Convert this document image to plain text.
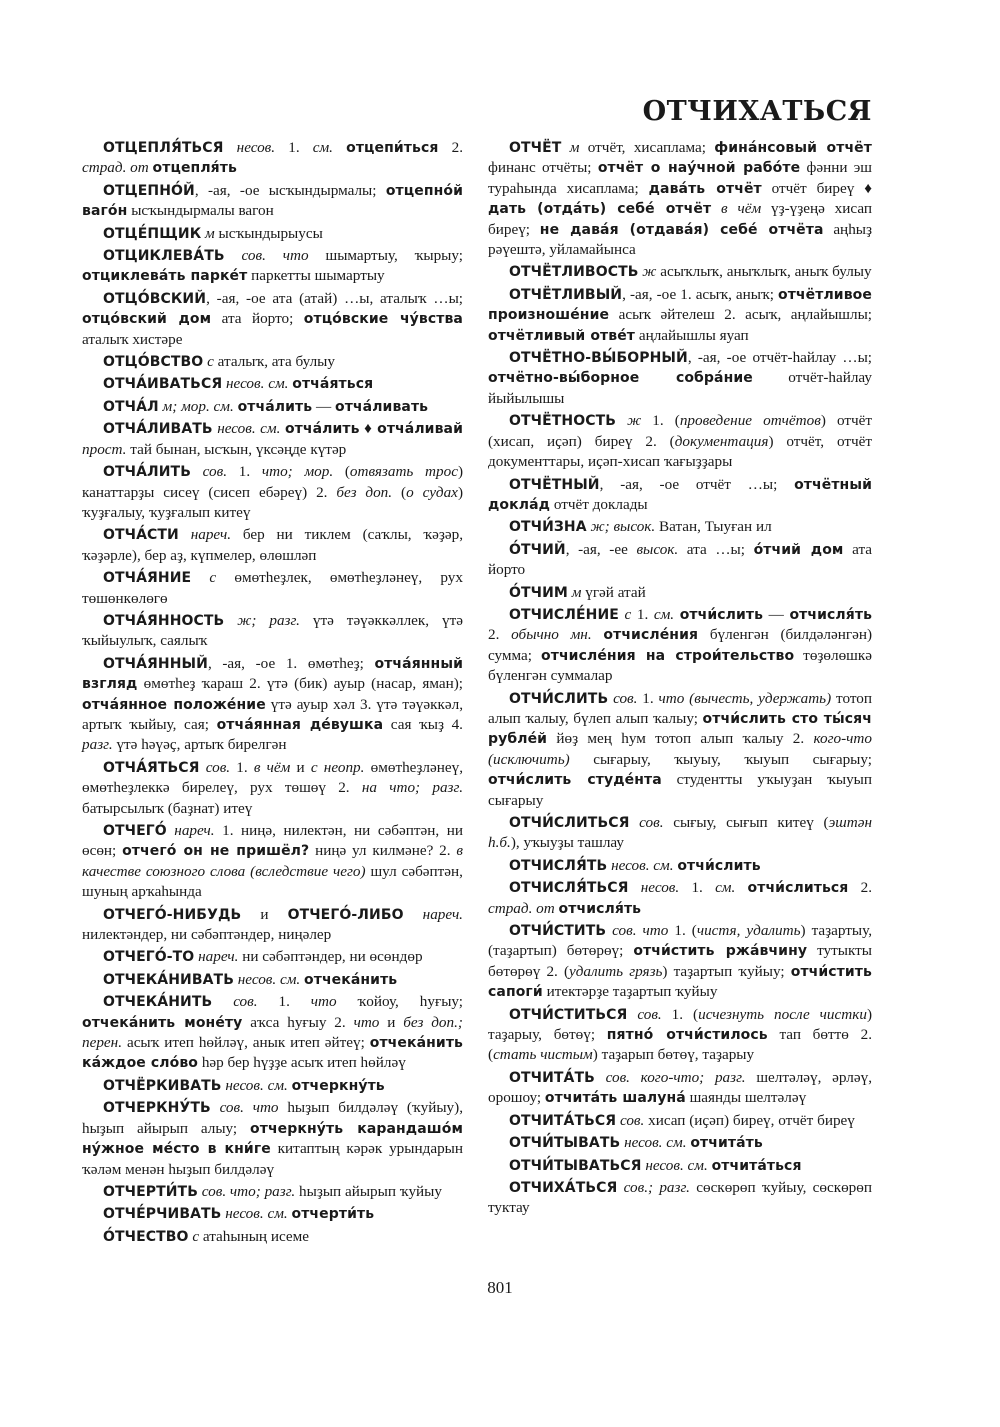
ОТЧИХАТЬСЯ

ОТЦЕПЛЯ́ТЬСЯ несов. 1. см. отцепи́ться 2. страд. от отцепля́ть

ОТЦЕПНО́Й, -ая, -ое ысҡындырмалы; отцепно́й ваго́н ысҡындырмалы вагон

ОТЦЕ́ПЩИК м ысҡындырыусы

ОТЦИКЛЕВА́ТЬ сов. что шымартыу, ҡырыу; отциклева́ть парке́т паркетты шымартыу

ОТЦО́ВСКИЙ, -ая, -ое ата (атай) …ы, аталыҡ …ы; отцо́вский дом ата йорто; отцо́вские чу́вства аталыҡ хистәре

ОТЦО́ВСТВО с аталыҡ, ата булыу

ОТЧА́ИВАТЬСЯ несов. см. отча́яться

ОТЧА́Л м; мор. см. отча́лить — отча́ливать

ОТЧА́ЛИВАТЬ несов. см. отча́лить ♦ отча́ливай прост. тай бынан, ысҡын, үксәңде күтәр

ОТЧА́ЛИТЬ сов. 1. что; мор. (отвязать трос) канаттарҙы сисеү (сисеп ебәреү) 2. без доп. (о судах) ҡуҙғалыу, ҡуҙғалып китеү

ОТЧА́СТИ нареч. бер ни тиклем (саҡлы, ҡәҙәр, ҡәҙәрле), бер аҙ, күпмелер, өлөшләп

ОТЧА́ЯНИЕ с өмөтһеҙлек, өмөтһеҙләнеү, рух төшөнкөлөгө

ОТЧА́ЯННОСТЬ ж; разг. үтә тәүәккәллек, үтә ҡыйыулыҡ, саялыҡ

ОТЧА́ЯННЫЙ, -ая, -ое 1. өмөтһеҙ; отча́янный взгляд өмөтһеҙ ҡараш 2. үтә (бик) ауыр (насар, яман); отча́янное положе́ние үтә ауыр хәл 3. үтә тәүәккәл, артыҡ ҡыйыу, сая; отча́янная де́вушка сая ҡыҙ 4. разг. үтә һәүәҫ, артыҡ бирелгән

ОТЧА́ЯТЬСЯ сов. 1. в чём и с неопр. өмөтһеҙләнеү, өмөтһеҙлеккә бирелеү, рух төшөү 2. на что; разг. батырсылыҡ (баҙнат) итеү

ОТЧЕГО́ нареч. 1. ниңә, нилектән, ни сәбәптән, ни өсөн; отчего́ он не пришёл? ниңә ул килмәне? 2. в качестве союзного слова (вследствие чего) шул сәбәптән, шуның арҡаһында

ОТЧЕГО́-НИБУДЬ и ОТЧЕГО́-ЛИБО нареч. нилектәндер, ни сәбәптәндер, ниңәлер

ОТЧЕГО́-ТО нареч. ни сәбәптәндер, ни өсөндөр

ОТЧЕКА́НИВАТЬ несов. см. отчека́нить

ОТЧЕКА́НИТЬ сов. 1. что ҡойоу, һуғыу; отчека́нить моне́ту аҡса һуғыу 2. что и без доп.; перен. асыҡ итеп һөйләү, анык итеп әйтеү; отчека́нить ка́ждое сло́во һәр бер һүҙҙе асыҡ итеп һөйләү

ОТЧЁРКИВАТЬ несов. см. отчеркну́ть

ОТЧЕРКНУ́ТЬ сов. что һыҙып билдәләү (ҡуйыу), һыҙып айырып алыу; отчеркну́ть карандашо́м ну́жное ме́сто в кни́ге китаптың кәрәк урындарын ҡәләм менән һыҙып билдәләү

ОТЧЕРТИ́ТЬ сов. что; разг. һыҙып айырып ҡуйыу

ОТЧЕ́РЧИВАТЬ несов. см. отчерти́ть

О́ТЧЕСТВО с атаһының исеме

ОТЧЁТ м отчёт, хисаплама; фина́нсовый отчёт финанс отчёты; отчёт о нау́чной рабо́те фәнни эш тураһында хисаплама; дава́ть отчёт отчёт биреү ♦ дать (отда́ть) себе́ отчёт в чём үҙ-үҙеңә хисап биреү; не дава́я (отдава́я) себе́ отчёта аңһыҙ рәүештә, уйламайынса

ОТЧЁТЛИВОСТЬ ж асыҡлыҡ, аныҡлыҡ, аныҡ булыу

ОТЧЁТЛИВЫЙ, -ая, -ое 1. асыҡ, аныҡ; отчётливое произноше́ние асыҡ әйтелеш 2. асыҡ, аңлайышлы; отчётливый отве́т аңлайышлы яуап

ОТЧЁТНО-ВЫ́БОРНЫЙ, -ая, -ое отчёт-һайлау …ы; отчётно-вы́борное собра́ние отчёт-һайлау йыйылышы

ОТЧЁТНОСТЬ ж 1. (проведение отчётов) отчёт (хисап, иҫәп) биреү 2. (документация) отчёт, отчёт документтары, иҫәп-хисап ҡағыҙҙары

ОТЧЁТНЫЙ, -ая, -ое отчёт …ы; отчётный докла́д отчёт доклады

ОТЧИ́ЗНА ж; высок. Ватан, Тыуған ил

О́ТЧИЙ, -ая, -ее высок. ата …ы; о́тчий дом ата йорто

О́ТЧИМ м үгәй атай

ОТЧИСЛЕ́НИЕ с 1. см. отчи́слить — отчисля́ть 2. обычно мн. отчисле́ния бүленгән (билдәләнгән) сумма; отчисле́ния на строи́тельство төҙөлөшкә бүленгән суммалар

ОТЧИ́СЛИТЬ сов. 1. что (вычесть, удержать) тотоп алып ҡалыу, бүлеп алып ҡалыу; отчи́слить сто ты́сяч рубле́й йөҙ мең һум тотоп алып ҡалыу 2. кого-что (исключить) сығарыу, ҡыуыу, ҡыуып сығарыу; отчи́слить студе́нта студентты уҡыуҙан ҡыуып сығарыу

ОТЧИ́СЛИТЬСЯ сов. сығыу, сығып китеү (эштән һ.б.), уҡыуҙы ташлау

ОТЧИСЛЯ́ТЬ несов. см. отчи́слить

ОТЧИСЛЯ́ТЬСЯ несов. 1. см. отчи́слиться 2. страд. от отчисля́ть

ОТЧИ́СТИТЬ сов. что 1. (чистя, удалить) таҙартыу, (таҙартып) бөтөрөү; отчи́стить ржа́вчину тутыкты бөтөрөү 2. (удалить грязь) таҙартып ҡуйыу; отчи́стить сапоги́ итектәрҙе таҙартып ҡуйыу

ОТЧИ́СТИТЬСЯ сов. 1. (исчезнуть после чистки) таҙарыу, бөтөү; пятно́ отчи́стилось тап бөттө 2. (стать чистым) таҙарып бөтөү, таҙарыу

ОТЧИТА́ТЬ сов. кого-что; разг. шелтәләү, әрләү, орошоу; отчита́ть шалуна́ шаянды шелтәләү

ОТЧИТА́ТЬСЯ сов. хисап (иҫәп) биреү, отчёт биреү

ОТЧИ́ТЫВАТЬ несов. см. отчита́ть

ОТЧИ́ТЫВАТЬСЯ несов. см. отчита́ться

ОТЧИХА́ТЬСЯ сов.; разг. сөскөрөп ҡуйыу, сөскөрөп туктау

801
